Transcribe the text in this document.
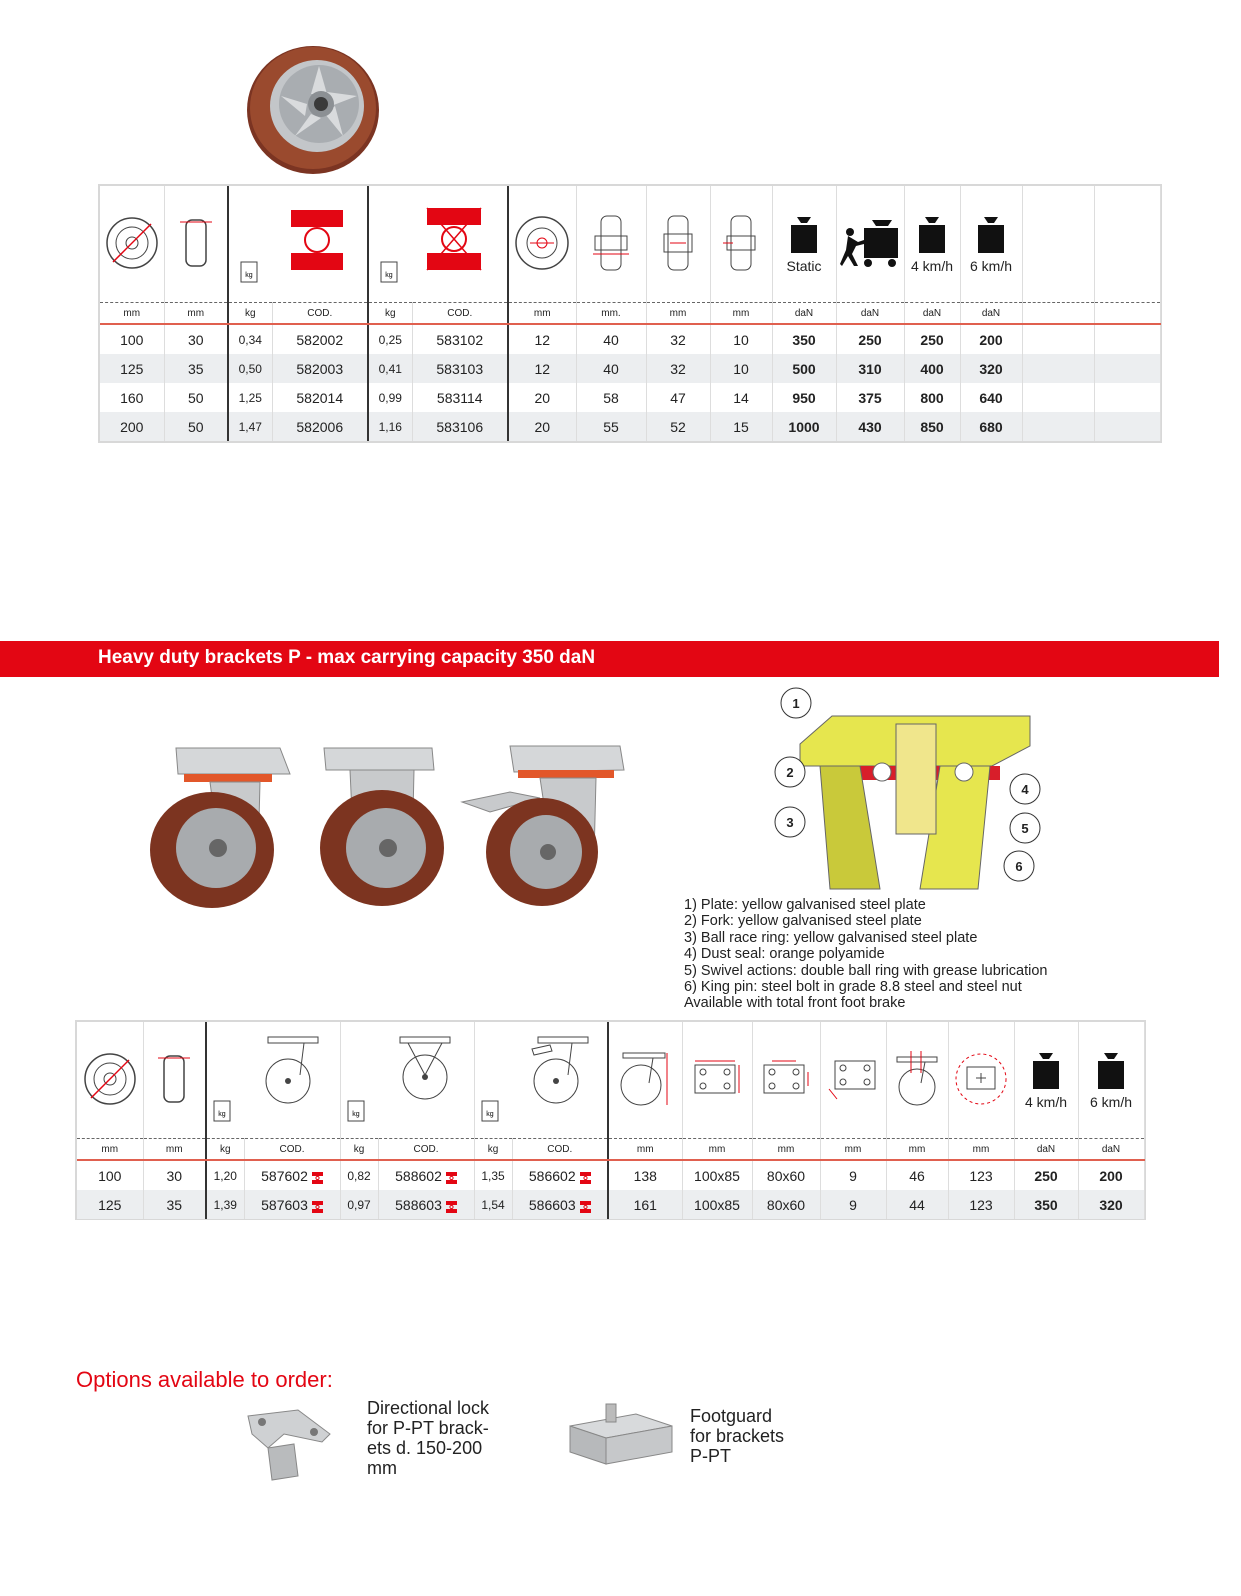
kg		kg						Static		4 km/h	6 km/h		
mm	mm	kg	COD.	kg	COD.	mm	mm.	mm	mm	daN	daN	daN	daN		
100	30	0,34	582002	0,25	583102	12	40	32	10	350	250	250	200		
125	35	0,50	582003	0,41	583103	12	40	32	10	500	310	400	320		
160	50	1,25	582014	0,99	583114	20	58	47	14	950	375	800	640		
200	50	1,47	582006	1,16	583106	20	55	52	15	1000	430	850	680		
Heavy duty brackets P - max carrying capacity 350 daN
1
2
3
4
5
6
1) Plate: yellow galvanised steel plate
2) Fork: yellow galvanised steel plate
3) Ball race ring: yellow galvanised steel plate
4) Dust seal: orange polyamide
5) Swivel actions: double ball ring with grease lubrication
6) King pin: steel bolt in grade 8.8 steel and steel nut
Available with total front foot brake

kg		kg		kg								4 km/h	6 km/h
mm	mm	kg	COD.	kg	COD.	kg	COD.	mm	mm	mm	mm	mm	mm	daN	daN
100	30	1,20	587602	0,82	588602	1,35	586602	138	100x85	80x60	9	46	123	250	200
125	35	1,39	587603	0,97	588603	1,54	586603	161	100x85	80x60	9	44	123	350	320
Options available to order:
Directional lock
for P-PT brack-
ets d. 150-200
mm
Footguard
for brackets
P-PT
